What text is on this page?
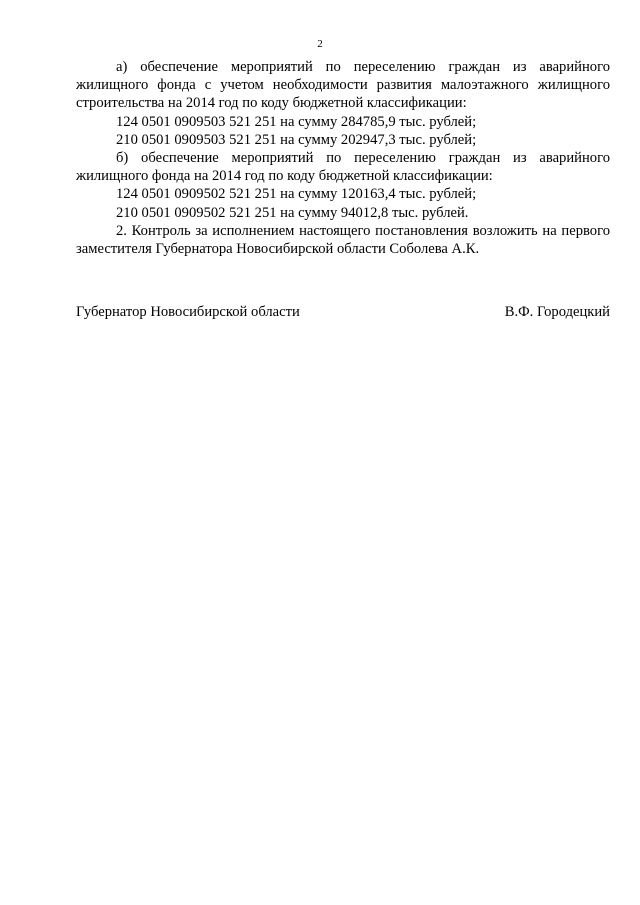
2

а) обеспечение мероприятий по переселению граждан из аварийного жилищного фонда с учетом необходимости развития малоэтажного жилищного строительства на 2014 год по коду бюджетной классификации:

124 0501 0909503 521 251 на сумму 284785,9 тыс. рублей;

210 0501 0909503 521 251 на сумму 202947,3 тыс. рублей;

б) обеспечение мероприятий по переселению граждан из аварийного жилищного фонда на 2014 год по коду бюджетной классификации:

124 0501 0909502 521 251 на сумму 120163,4 тыс. рублей;

210 0501 0909502 521 251 на сумму 94012,8 тыс. рублей.

2. Контроль за исполнением настоящего постановления возложить на первого заместителя Губернатора Новосибирской области Соболева А.К.

Губернатор Новосибирской области	В.Ф. Городецкий
